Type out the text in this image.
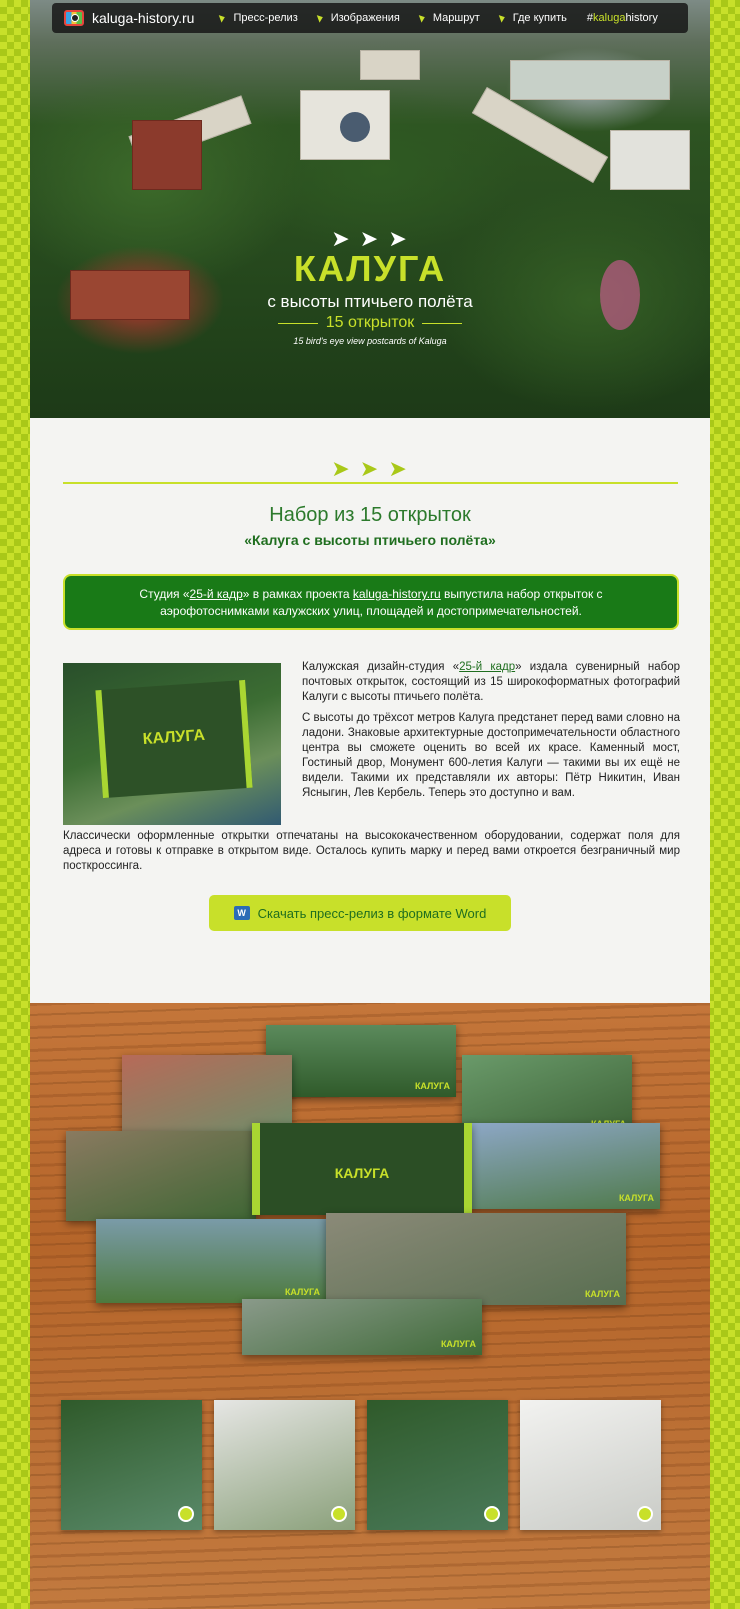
kaluga-history.ru	Пресс-релиз	Изображения	Маршрут	Где купить #kalugahistory
➤ ➤ ➤
КАЛУГА
с высоты птичьего полёта
15 открыток
15 bird's eye view postcards of Kaluga
➤ ➤ ➤
Набор из 15 открыток
«Калуга с высоты птичьего полёта»
Студия «25-й кадр» в рамках проекта kaluga-history.ru выпустила набор открыток с аэрофотоснимками калужских улиц, площадей и достопримечательностей.
КАЛУГА

Калужская дизайн-студия «25-й кадр» издала сувенирный набор почтовых открыток, состоящий из 15 широкоформатных фотографий Калуги с высоты птичьего полёта.

С высоты до трёхсот метров Калуга предстанет перед вами словно на ладони. Знаковые архитектурные достопримечательности областного центра вы сможете оценить во всей их красе. Каменный мост, Гостиный двор, Монумент 600-летия Калуги — такими вы их ещё не видели. Такими их представляли их авторы: Пётр Никитин, Иван Ясныгин, Лев Кербель. Теперь это доступно и вам.

Классически оформленные открытки отпечатаны на высококачественном оборудовании, содержат поля для адреса и готовы к отправке в открытом виде. Осталось купить марку и перед вами откроется безграничный мир посткроссинга.
W Скачать пресс-релиз в формате Word
КАЛУГА
КАЛУГА
КАЛУГА
КАЛУГА	КАЛУГА
КАЛУГА
